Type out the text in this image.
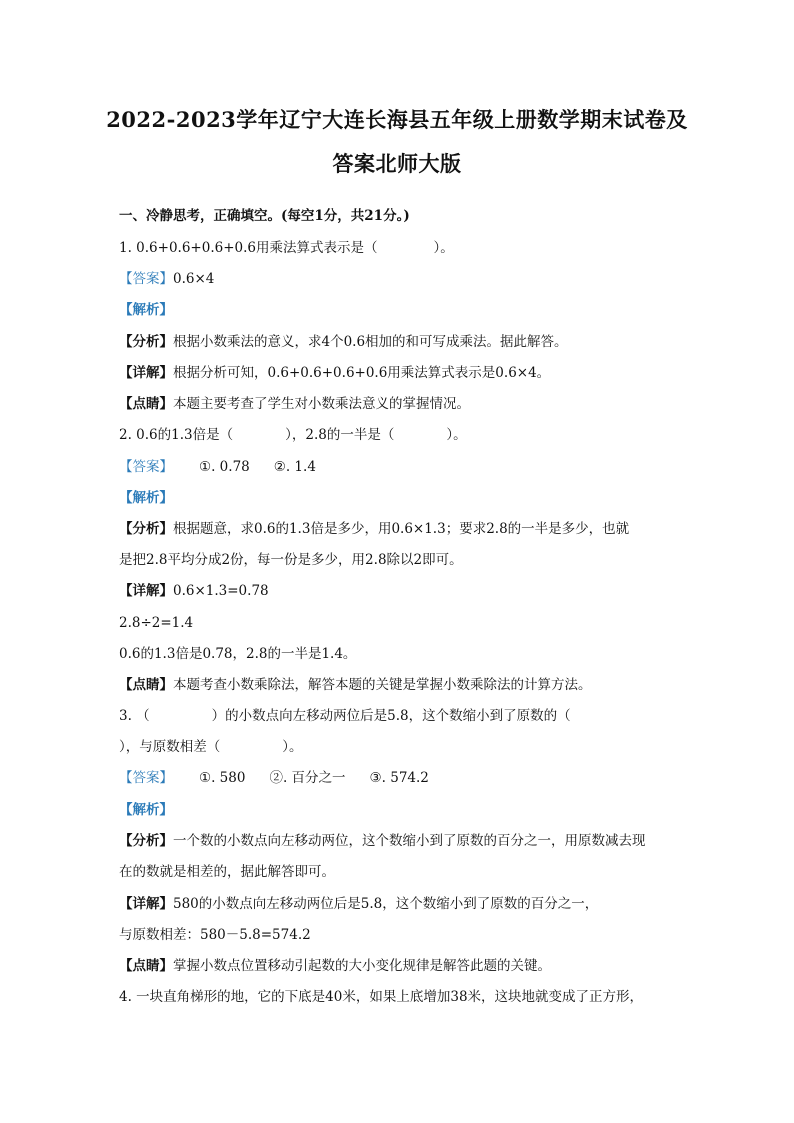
2022-2023学年辽宁大连长海县五年级上册数学期末试卷及
答案北师大版
一、冷静思考，正确填空。(每空1分，共21分。)
1. 0.6+0.6+0.6+0.6用乘法算式表示是（	）。
【答案】0.6×4
【解析】
【分析】根据小数乘法的意义，求4个0.6相加的和可写成乘法。据此解答。
【详解】根据分析可知，0.6+0.6+0.6+0.6用乘法算式表示是0.6×4。
【点睛】本题主要考查了学生对小数乘法意义的掌握情况。
2. 0.6的1.3倍是（	），2.8的一半是（	）。
【答案】 ①. 0.78 ②. 1.4
【解析】
【分析】根据题意，求0.6的1.3倍是多少，用0.6×1.3；要求2.8的一半是多少，也就
是把2.8平均分成2份，每一份是多少，用2.8除以2即可。
【详解】0.6×1.3=0.78
2.8÷2=1.4
0.6的1.3倍是0.78，2.8的一半是1.4。
【点睛】本题考查小数乘除法，解答本题的关键是掌握小数乘除法的计算方法。
3. （	）的小数点向左移动两位后是5.8，这个数缩小到了原数的（
），与原数相差（	）。
【答案】 ①. 580 ②. 百分之一 ③. 574.2
【解析】
【分析】一个数的小数点向左移动两位，这个数缩小到了原数的百分之一，用原数减去现
在的数就是相差的，据此解答即可。
【详解】580的小数点向左移动两位后是5.8，这个数缩小到了原数的百分之一，
与原数相差：580－5.8=574.2
【点睛】掌握小数点位置移动引起数的大小变化规律是解答此题的关键。
4. 一块直角梯形的地，它的下底是40米，如果上底增加38米，这块地就变成了正方形，
